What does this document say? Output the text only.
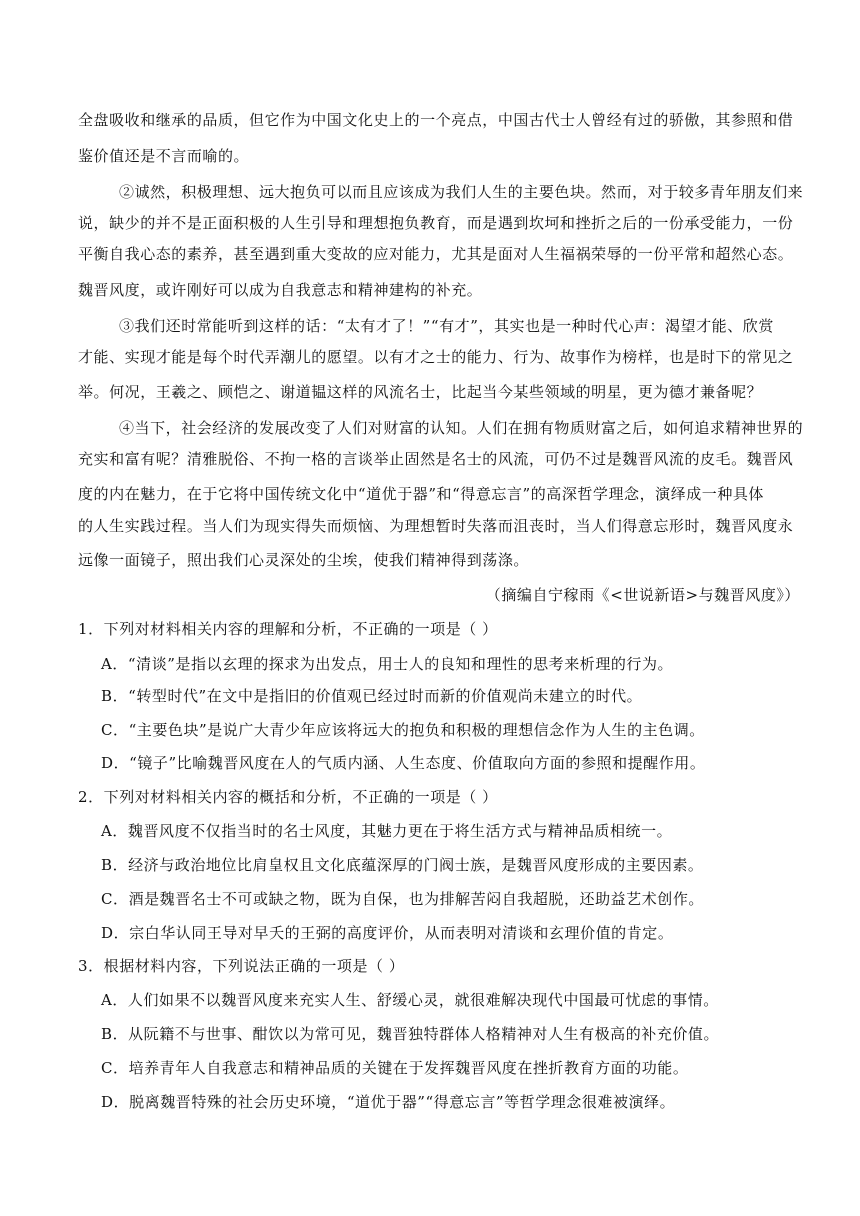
全盘吸收和继承的品质，但它作为中国文化史上的一个亮点，中国古代士人曾经有过的骄傲，其参照和借
鉴价值还是不言而喻的。
②诚然，积极理想、远大抱负可以而且应该成为我们人生的主要色块。然而，对于较多青年朋友们来
说，缺少的并不是正面积极的人生引导和理想抱负教育，而是遇到坎坷和挫折之后的一份承受能力，一份
平衡自我心态的素养，甚至遇到重大变故的应对能力，尤其是面对人生福祸荣辱的一份平常和超然心态。
魏晋风度，或许刚好可以成为自我意志和精神建构的补充。
③我们还时常能听到这样的话：“太有才了！”“有才”，其实也是一种时代心声：渴望才能、欣赏
才能、实现才能是每个时代弄潮儿的愿望。以有才之士的能力、行为、故事作为榜样，也是时下的常见之
举。何况，王羲之、顾恺之、谢道韫这样的风流名士，比起当今某些领域的明星，更为德才兼备呢？
④当下，社会经济的发展改变了人们对财富的认知。人们在拥有物质财富之后，如何追求精神世界的
充实和富有呢？清雅脱俗、不拘一格的言谈举止固然是名士的风流，可仍不过是魏晋风流的皮毛。魏晋风
度的内在魅力，在于它将中国传统文化中“道优于器”和“得意忘言”的高深哲学理念，演绎成一种具体
的人生实践过程。当人们为现实得失而烦恼、为理想暂时失落而沮丧时，当人们得意忘形时，魏晋风度永
远像一面镜子，照出我们心灵深处的尘埃，使我们精神得到荡涤。
（摘编自宁稼雨《<世说新语>与魏晋风度》）
1．下列对材料相关内容的理解和分析，不正确的一项是（ ）
A．“清谈”是指以玄理的探求为出发点，用士人的良知和理性的思考来析理的行为。
B．“转型时代”在文中是指旧的价值观已经过时而新的价值观尚未建立的时代。
C．“主要色块”是说广大青少年应该将远大的抱负和积极的理想信念作为人生的主色调。
D．“镜子”比喻魏晋风度在人的气质内涵、人生态度、价值取向方面的参照和提醒作用。
2．下列对材料相关内容的概括和分析，不正确的一项是（ ）
A．魏晋风度不仅指当时的名士风度，其魅力更在于将生活方式与精神品质相统一。
B．经济与政治地位比肩皇权且文化底蕴深厚的门阀士族，是魏晋风度形成的主要因素。
C．酒是魏晋名士不可或缺之物，既为自保，也为排解苦闷自我超脱，还助益艺术创作。
D．宗白华认同王导对早夭的王弼的高度评价，从而表明对清谈和玄理价值的肯定。
3．根据材料内容，下列说法正确的一项是（ ）
A．人们如果不以魏晋风度来充实人生、舒缓心灵，就很难解决现代中国最可忧虑的事情。
B．从阮籍不与世事、酣饮以为常可见，魏晋独特群体人格精神对人生有极高的补充价值。
C．培养青年人自我意志和精神品质的关键在于发挥魏晋风度在挫折教育方面的功能。
D．脱离魏晋特殊的社会历史环境，“道优于器”“得意忘言”等哲学理念很难被演绎。
